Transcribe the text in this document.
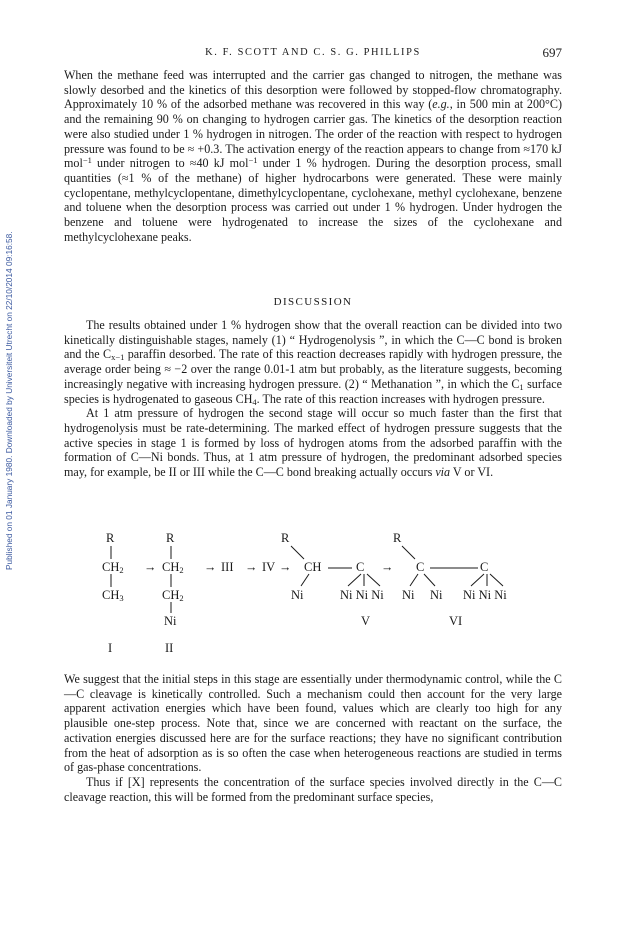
Published on 01 January 1980. Downloaded by Universiteit Utrecht on 22/10/2014 09:16:58.
K. F. SCOTT AND C. S. G. PHILLIPS	697

When the methane feed was interrupted and the carrier gas changed to nitrogen, the methane was slowly desorbed and the kinetics of this desorption were followed by stopped-flow chromatography. Approximately 10 % of the adsorbed methane was recovered in this way (e.g., in 500 min at 200°C) and the remaining 90 % on changing to hydrogen carrier gas. The kinetics of the desorption reaction were also studied under 1 % hydrogen in nitrogen. The order of the reaction with respect to hydrogen pressure was found to be ≈ +0.3. The activation energy of the reaction appears to change from ≈170 kJ mol$^{-1}$ under nitrogen to ≈40 kJ mol$^{-1}$ under 1 % hydrogen. During the desorption process, small quantities (≈1 % of the methane) of higher hydrocarbons were generated. These were mainly cyclopentane, methylcyclopentane, dimethylcyclopentane, cyclohexane, methyl cyclohexane, benzene and toluene when the desorption process was carried out under 1 % hydrogen. Under hydrogen the benzene and toluene were hydrogenated to increase the sizes of the cyclohexane and methylcyclohexane peaks.

DISCUSSION

The results obtained under 1 % hydrogen show that the overall reaction can be divided into two kinetically distinguishable stages, namely (1) “ Hydrogenolysis ”, in which the C—C bond is broken and the $C_{x-1}$ paraffin desorbed. The rate of this reaction decreases rapidly with hydrogen pressure, the average order being ≈ −2 over the range 0.01-1 atm but probably, as the literature suggests, becoming increasingly negative with increasing hydrogen pressure. (2) “ Methanation ”, in which the $C_1$ surface species is hydrogenated to gaseous $CH_4$. The rate of this reaction increases with hydrogen pressure.

At 1 atm pressure of hydrogen the second stage will occur so much faster than the first that hydrogenolysis must be rate-determining. The marked effect of hydrogen pressure suggests that the active species in stage 1 is formed by loss of hydrogen atoms from the adsorbed paraffin with the formation of C—Ni bonds. Thus, at 1 atm pressure of hydrogen, the predominant adsorbed species may, for example, be II or III while the C—C bond breaking actually occurs via V or VI.

R	R	R	R
$CH_2 \to CH_2$ → III → IV → CH	C → C	C
$CH_3$	$CH_2$	Ni	Ni Ni Ni Ni Ni Ni Ni Ni
Ni	V	VI
I	II

We suggest that the initial steps in this stage are essentially under thermodynamic control, while the C—C cleavage is kinetically controlled. Such a mechanism could then account for the very large apparent activation energies which have been found, values which are clearly too high for any plausible one-step process. Note that, since we are concerned with reactant on the surface, the activation energies discussed here are for the surface reactions; they have no significant contribution from the heat of adsorption as is so often the case when heterogeneous reactions are studied in terms of gas-phase concentrations.

Thus if [X] represents the concentration of the surface species involved directly in the C—C cleavage reaction, this will be formed from the predominant surface species,
